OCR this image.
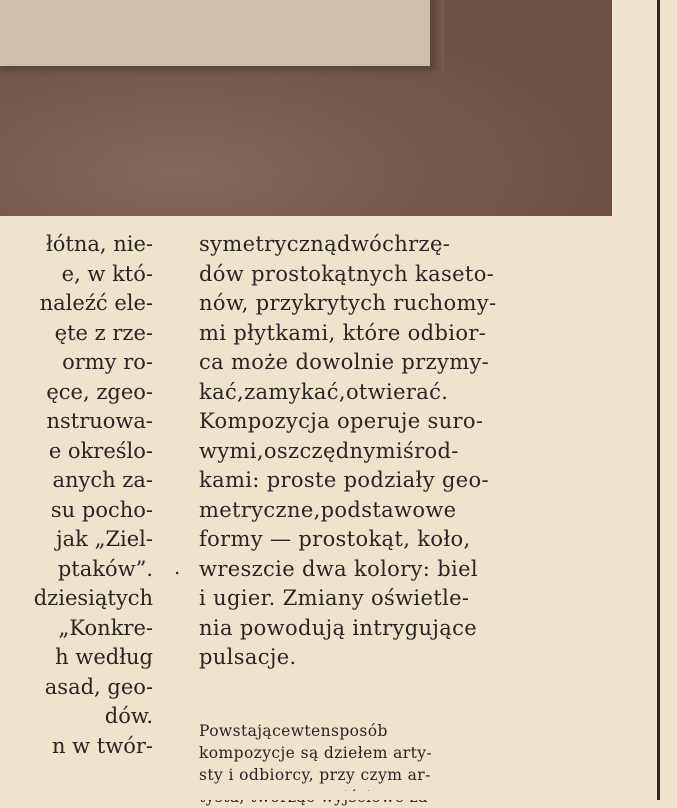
łótna, nie-
e, w któ-
naleźć ele-
ęte z rze-
ormy ro-
ęce, zgeo-
nstruowa-
e określo-
anych za-
su pocho-
jak „Ziel-
ptaków”.
dziesiątych
„Konkre-
h według
asad, geo-
dów.
n w twór-
.
symetrycznądwóchrzę-
dów prostokątnych kaseto-
nów, przykrytych ruchomy-
mi płytkami, które odbior-
ca może dowolnie przymy-
kać,zamykać,otwierać.
Kompozycja operuje suro-
wymi,oszczędnymiśrod-
kami: proste podziały geo-
metryczne,podstawowe
formy — prostokąt, koło,
wreszcie dwa kolory: biel
i ugier. Zmiany oświetle-
nia powodują intrygujące
pulsacje.
Powstającewtensposób
kompozycje są dziełem arty-
sty i odbiorcy, przy czym ar-
